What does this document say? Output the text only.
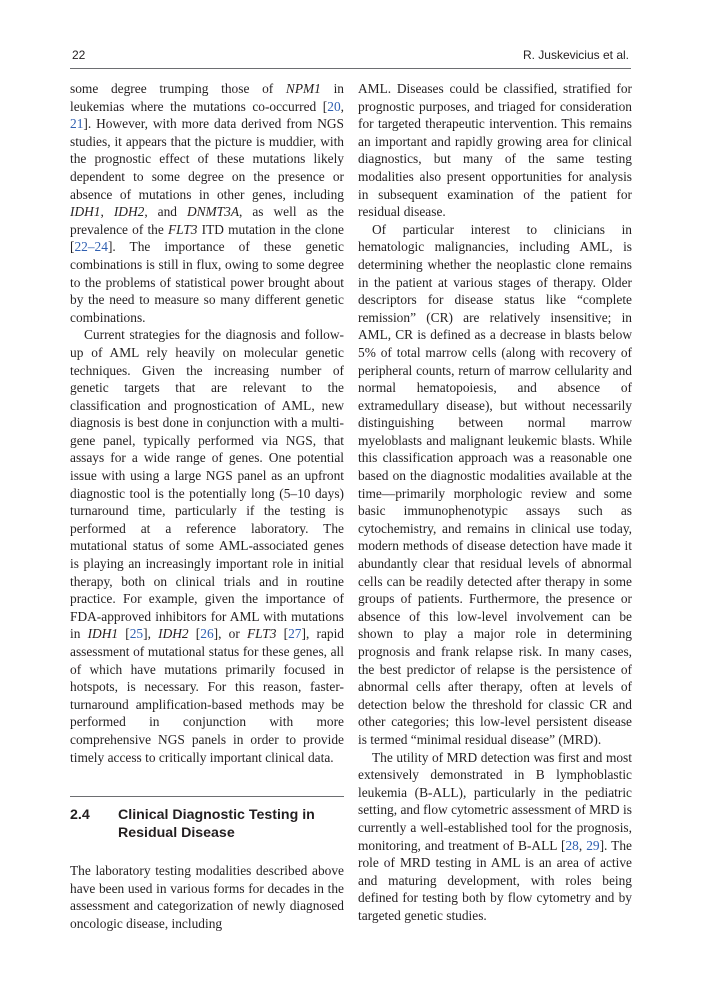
22	R. Juskevicius et al.

some degree trumping those of NPM1 in leukemias where the mutations co-occurred [20, 21]. However, with more data derived from NGS studies, it appears that the picture is muddier, with the prognostic effect of these mutations likely dependent to some degree on the presence or absence of mutations in other genes, including IDH1, IDH2, and DNMT3A, as well as the prevalence of the FLT3 ITD mutation in the clone [22–24]. The importance of these genetic combinations is still in flux, owing to some degree to the problems of statistical power brought about by the need to measure so many different genetic combinations.

Current strategies for the diagnosis and follow-up of AML rely heavily on molecular genetic techniques. Given the increasing number of genetic targets that are relevant to the classification and prognostication of AML, new diagnosis is best done in conjunction with a multi-gene panel, typically performed via NGS, that assays for a wide range of genes. One potential issue with using a large NGS panel as an upfront diagnostic tool is the potentially long (5–10 days) turnaround time, particularly if the testing is performed at a reference laboratory. The mutational status of some AML-associated genes is playing an increasingly important role in initial therapy, both on clinical trials and in routine practice. For example, given the importance of FDA-approved inhibitors for AML with mutations in IDH1 [25], IDH2 [26], or FLT3 [27], rapid assessment of mutational status for these genes, all of which have mutations primarily focused in hotspots, is necessary. For this reason, faster-turnaround amplification-based methods may be performed in conjunction with more comprehensive NGS panels in order to provide timely access to critically important clinical data.

2.4	Clinical Diagnostic Testing in Residual Disease

The laboratory testing modalities described above have been used in various forms for decades in the assessment and categorization of newly diagnosed oncologic disease, including

AML. Diseases could be classified, stratified for prognostic purposes, and triaged for consideration for targeted therapeutic intervention. This remains an important and rapidly growing area for clinical diagnostics, but many of the same testing modalities also present opportunities for analysis in subsequent examination of the patient for residual disease.

Of particular interest to clinicians in hematologic malignancies, including AML, is determining whether the neoplastic clone remains in the patient at various stages of therapy. Older descriptors for disease status like “complete remission” (CR) are relatively insensitive; in AML, CR is defined as a decrease in blasts below 5% of total marrow cells (along with recovery of peripheral counts, return of marrow cellularity and normal hematopoiesis, and absence of extramedullary disease), but without necessarily distinguishing between normal marrow myeloblasts and malignant leukemic blasts. While this classification approach was a reasonable one based on the diagnostic modalities available at the time—primarily morphologic review and some basic immunophenotypic assays such as cytochemistry, and remains in clinical use today, modern methods of disease detection have made it abundantly clear that residual levels of abnormal cells can be readily detected after therapy in some groups of patients. Furthermore, the presence or absence of this low-level involvement can be shown to play a major role in determining prognosis and frank relapse risk. In many cases, the best predictor of relapse is the persistence of abnormal cells after therapy, often at levels of detection below the threshold for classic CR and other categories; this low-level persistent disease is termed “minimal residual disease” (MRD).

The utility of MRD detection was first and most extensively demonstrated in B lymphoblastic leukemia (B-ALL), particularly in the pediatric setting, and flow cytometric assessment of MRD is currently a well-established tool for the prognosis, monitoring, and treatment of B-ALL [28, 29]. The role of MRD testing in AML is an area of active and maturing development, with roles being defined for testing both by flow cytometry and by targeted genetic studies.
